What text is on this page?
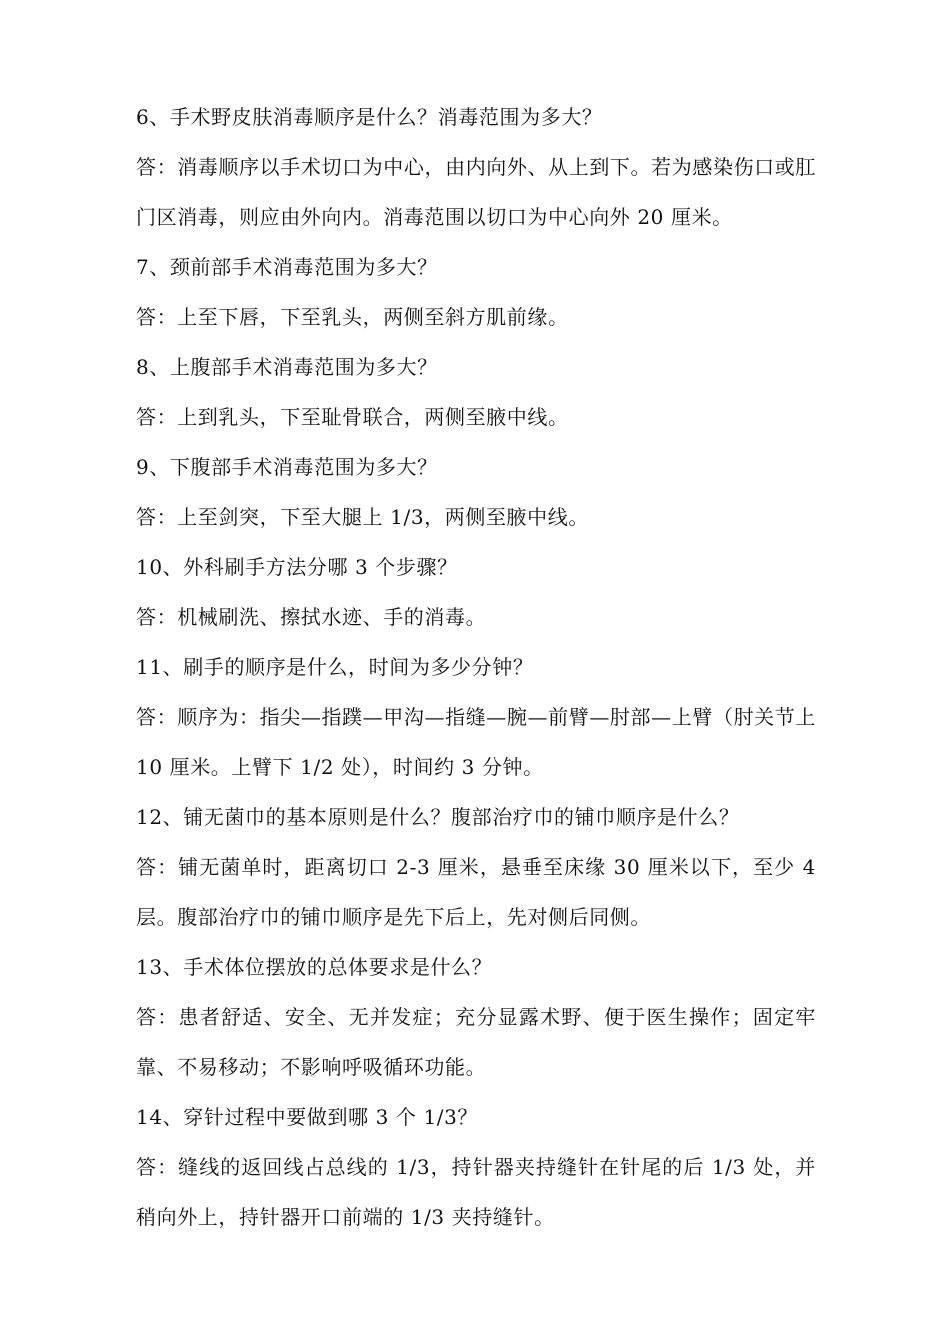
6、手术野皮肤消毒顺序是什么？消毒范围为多大？

答：消毒顺序以手术切口为中心，由内向外、从上到下。若为感染伤口或肛门区消毒，则应由外向内。消毒范围以切口为中心向外 20 厘米。

7、颈前部手术消毒范围为多大？

答：上至下唇，下至乳头，两侧至斜方肌前缘。

8、上腹部手术消毒范围为多大？

答：上到乳头，下至耻骨联合，两侧至腋中线。

9、下腹部手术消毒范围为多大？

答：上至剑突，下至大腿上 1/3，两侧至腋中线。

10、外科刷手方法分哪 3 个步骤？

答：机械刷洗、擦拭水迹、手的消毒。

11、刷手的顺序是什么，时间为多少分钟？

答：顺序为：指尖—指蹼—甲沟—指缝—腕—前臂—肘部—上臂（肘关节上 10 厘米。上臂下 1/2 处），时间约 3 分钟。

12、铺无菌巾的基本原则是什么？腹部治疗巾的铺巾顺序是什么？

答：铺无菌单时，距离切口 2-3 厘米，悬垂至床缘 30 厘米以下，至少 4 层。腹部治疗巾的铺巾顺序是先下后上，先对侧后同侧。

13、手术体位摆放的总体要求是什么？

答：患者舒适、安全、无并发症；充分显露术野、便于医生操作；固定牢靠、不易移动；不影响呼吸循环功能。

14、穿针过程中要做到哪 3 个 1/3？

答：缝线的返回线占总线的 1/3，持针器夹持缝针在针尾的后 1/3 处，并稍向外上，持针器开口前端的 1/3 夹持缝针。
